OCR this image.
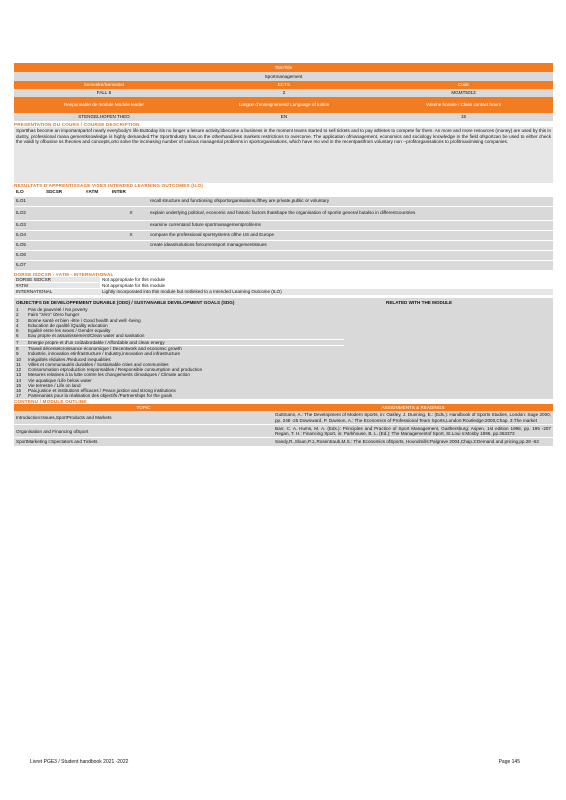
TitreTitle
Sportmanagement
Semestre/Semester	ECTS	Code
FALL 5	2	MGMT5013
Responsable de module Module leader	Langue d'enseignement/ Language of tuition	Volume horaire / Class contact hours
STENGELHOFEN THEO	EN	15
PRESENTATION DU COURS / COURSE DESCRIPTION
Sportthas become an importantpartof nearly everybody's life.Buttoday itis no longer a leisure activity,itbecame a business in the moment teams started to sell tickets and to pay athletes to compete for them. As more and more resources (money) are used by this in dustry, professional mana gementknowledge is highly demanded.The SportIndustry has,on the otherhand,less markets restrictions to overcome. The application ofmanagement, economics and sociology knowledge in the field ofsportcan be used to either check the validi ty ofbusine ss theories and concepts,orto solve the increasing number of various managerial problems in sportorganisations, which have mo ved in the recentpastfrom voluntary non --profitorganisations to profitmaximising companies.
RESULTATS D'APPRENTISSAGE VISES INTENDED LEARNING OUTCOMES (ILO)
ILO	SDCSR	#ATM	INTER
ILO1	recall structure and functioning ofsportorganisations,ifthey are private,public or voluntary
ILO2	X	explain underlying political, economic and historic factors thatshape the organisation of sportin general butalso in differentcountries
ILO3	examine currentand future sportmanagementproblems
ILO4	X	compare the professional sportsystems ofthe US and Europe
ILO5	create ideas/solutions forcurrentsport managementissues
ILO6
ILO7
DORSE ISDCSR - #ATM - INTERNATIONAL
DORSE ISDCSR	Not appropriate for this module
#ATM	Not appropriate for this module
INTERNATIONAL	Lightly incorporated into this module but notlinked to a Intended Learning Outcome (ILO)
OBJECTIFS DE DEVELOPPEMENT DURABLE (ODD) / SUSTAINABLE DEVELOPMENT GOALS (SDG)	RELATED WITH THE MODULE
1	Pas de pauvreté / No poverty
2	Faim "zéro" /Zero hunger
3	Bonne santé et bien -être / Good health and well -being
4	Education de qualité /Quality education
5	Egalité entre les sexes / Gender equality
6	Eau propre et assainissement/Clean water and sanitation
7	Energie propre et d'un coûtabordable / Affordable and clean energy
8	Travail décentetcroissance économique / Decentwork and economic growth
9	Industrie, innovation etinfrastructure / Industry,innovation and infrastructure
10	Inégalités réduites /Reduced inequalities
11	Villes et communautés durables / Sustainable cities and communities
12	Consommation etproduction responsables / Responsible consumption and production
13	Mesures relatives à la lutte contre les changements climatiques / Climate action
14	Vie aquatique /Life below water
15	Vie terrestre / Life on land
16	Paix,justice et institutions efficaces / Peace,justice and strong institutions
17	Partenariats pour la réalisation des objectifs /Partnerships for the goals
CONTENU / MODULE OUTLINE
TOPIC	ASSIGNMENTS & READINGS
Introduction:Issues,SportProducts and Markets	Guttmann, A.: The Development of Modern Sports, in: Oakley, J. Dunning, E.: (Eds.): Handbook of Sports Studies, London: Sage 2000, pp. 248 -25 Downward, P. Davison, A.: The Economics of Professional Team Sports,London:Routledge:2000,Chap. 3.The market
Organisation and Financing ofSport	Barr, C. A. Hums, M. A. (Eds.): Principles and Practice of Sport Management, Gaithersburg: Aspen, 1st edition 1998, pp. 195 -207 Regan, T. H.: Financing Sport, in: Parkhouse, B. L. (Ed.): The Managementof Sport, St.Loui s:Mosby 1996, pp.363373
SportMarketing I:Spectators and Tickets	Sandy,R.,Sloan,P.J.,Rosentraub,M.S.: The Economics ofSports, Houndmills:Palgrave 2004,Chap.3:Demand and pricing,pp.28 -63
Livret PGE3 / Student handbook 2021 -2022	Page 145
